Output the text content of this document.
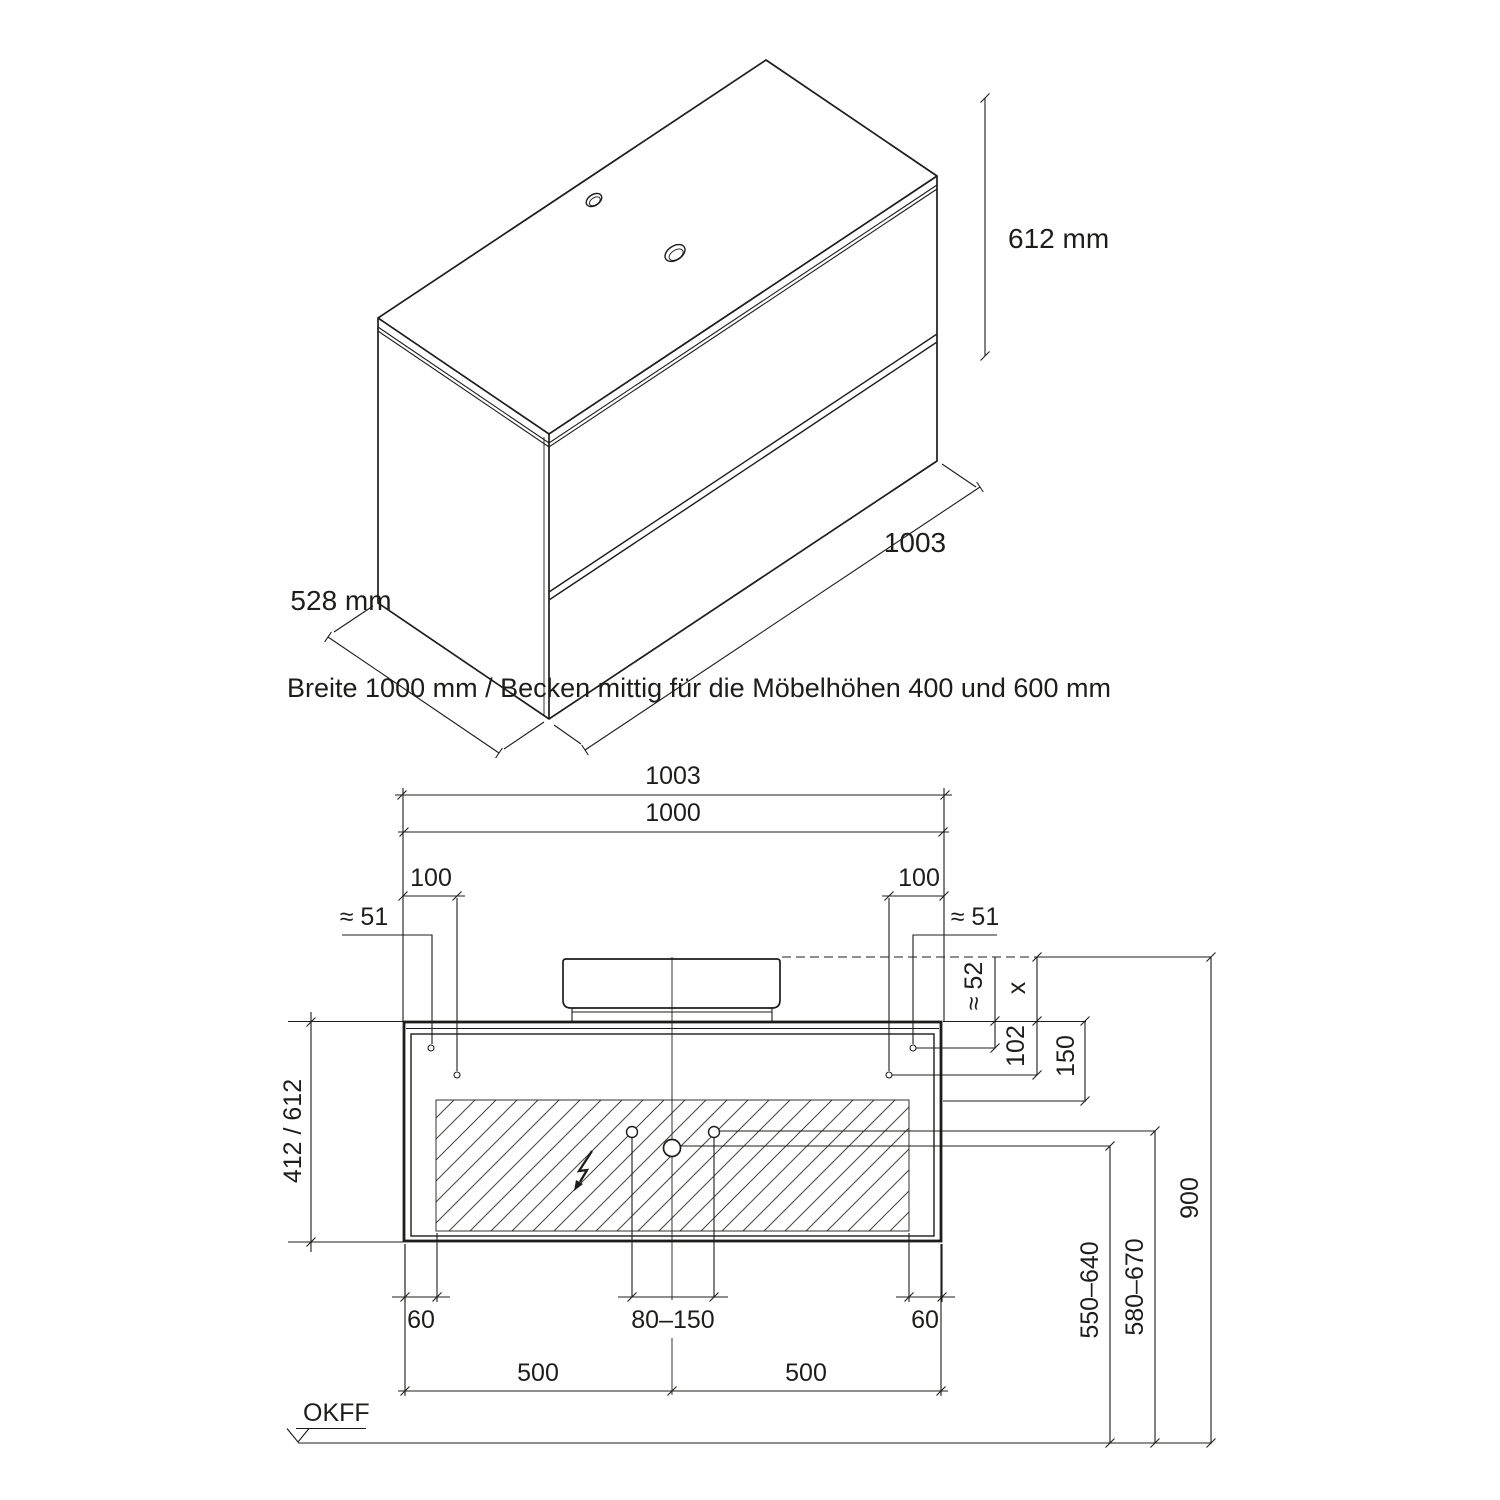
612 mm
1003
528 mm
Breite 1000 mm / Becken mittig für die Möbelhöhen 400 und 600 mm
1003
1000
100	100
≈ 51	≈ 51
≈ 52 x
102 150
550–640 580–670
900
412 / 612
60	80–150	60
500	500
OKFF
